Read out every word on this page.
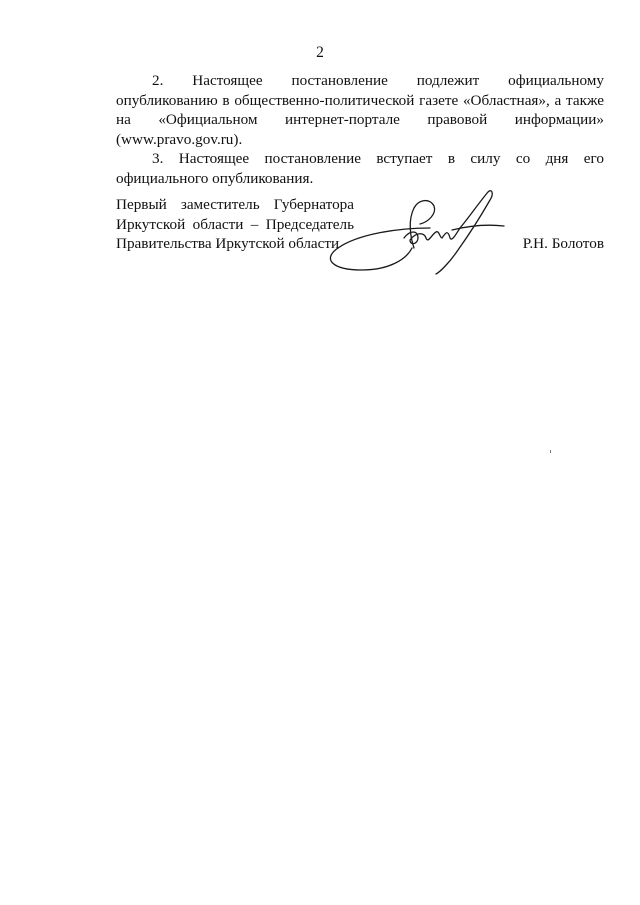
2

2. Настоящее постановление подлежит официальному опубликованию в общественно-политической газете «Областная», а также на «Официальном интернет-портале правовой информации» (www.pravo.gov.ru).

3. Настоящее постановление вступает в силу со дня его официального опубликования.

Первый заместитель Губернатора
Иркутской области – Председатель
Правительства Иркутской области	Р.Н. Болотов
